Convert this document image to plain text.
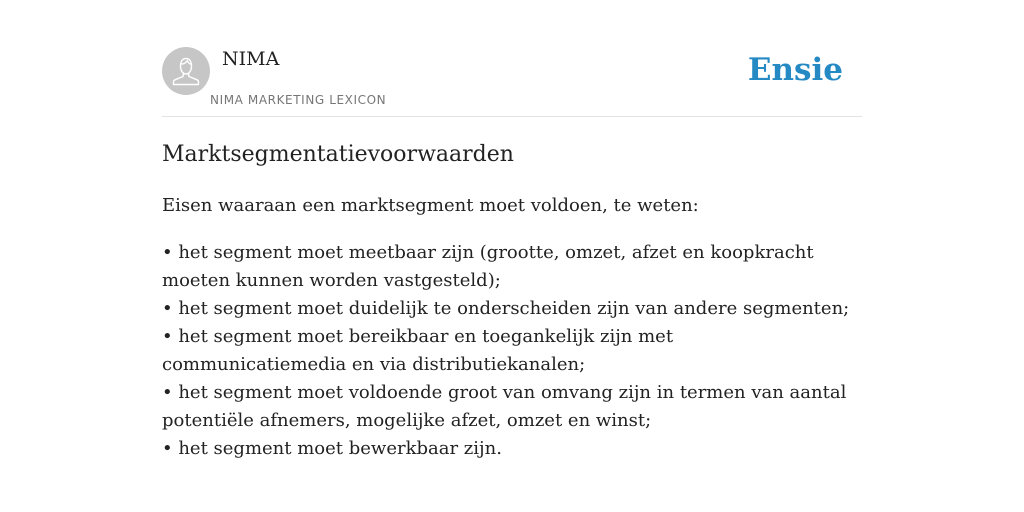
NIMA
NIMA MARKETING LEXICON
Ensie
Marktsegmentatievoorwaarden

Eisen waaraan een marktsegment moet voldoen, te weten:

• het segment moet meetbaar zijn (grootte, omzet, afzet en koopkracht moeten kunnen worden vastgesteld);
• het segment moet duidelijk te onderscheiden zijn van andere segmenten;
• het segment moet bereikbaar en toegankelijk zijn met communicatiemedia en via distributiekanalen;
• het segment moet voldoende groot van omvang zijn in termen van aantal potentiële afnemers, mogelijke afzet, omzet en winst;
• het segment moet bewerkbaar zijn.
